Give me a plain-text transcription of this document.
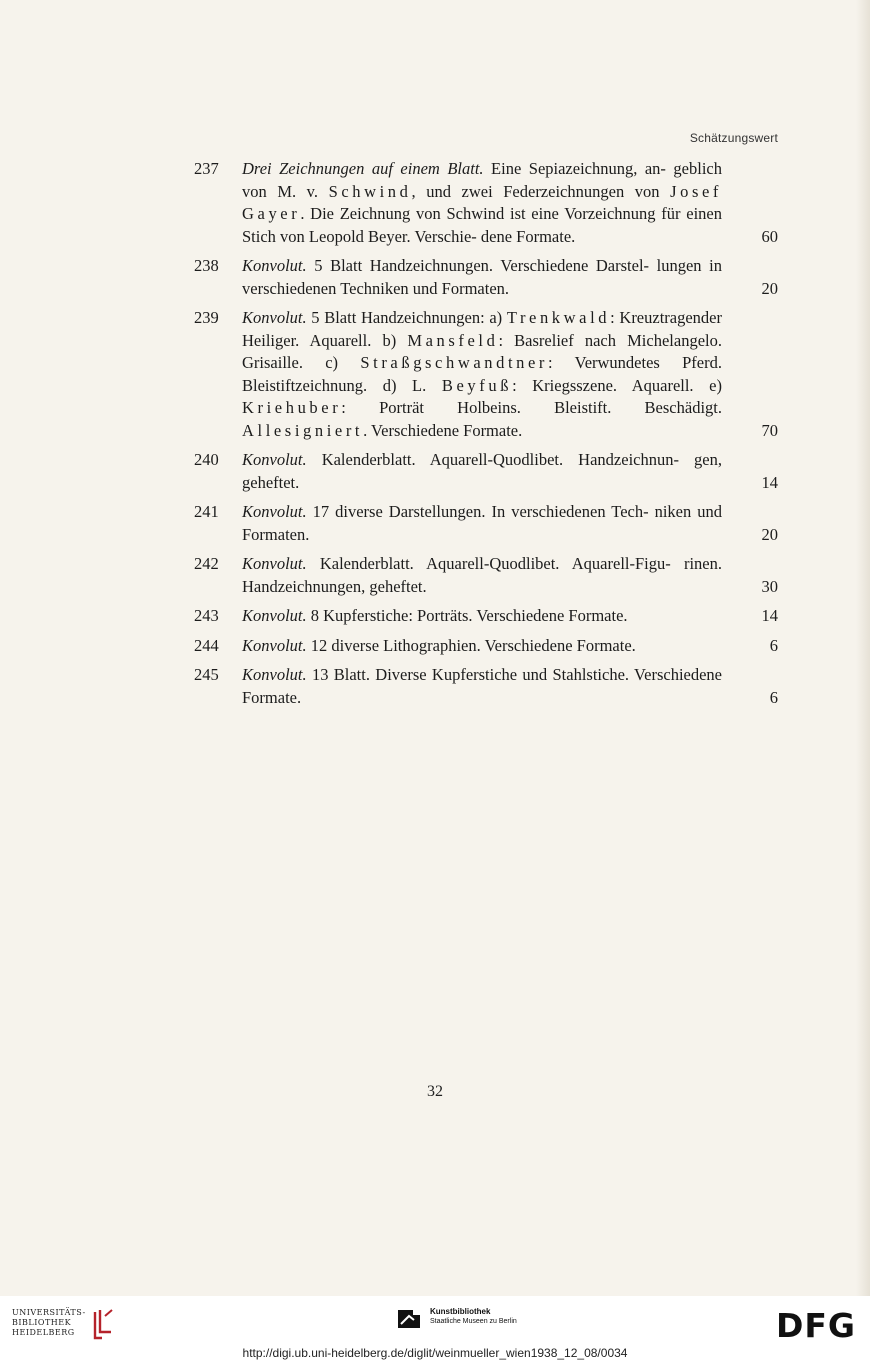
Schätzungswert
237	Drei Zeichnungen auf einem Blatt. Eine Sepiazeichnung, an- geblich von M. v. Schwind, und zwei Federzeichnungen von Josef Gayer. Die Zeichnung von Schwind ist eine Vorzeichnung für einen Stich von Leopold Beyer. Verschie- dene Formate.	60
238	Konvolut. 5 Blatt Handzeichnungen. Verschiedene Darstel- lungen in verschiedenen Techniken und Formaten.	20
239	Konvolut. 5 Blatt Handzeichnungen: a) Trenkwald: Kreuztragender Heiliger. Aquarell. b) Mansfeld: Basrelief nach Michelangelo. Grisaille. c) Straßgschwandtner: Verwundetes Pferd. Bleistiftzeichnung. d) L. Beyfuß: Kriegsszene. Aquarell. e) Kriehuber: Porträt Holbeins. Bleistift. Beschädigt. Allesigniert. Verschiedene Formate.	70
240	Konvolut. Kalenderblatt. Aquarell-Quodlibet. Handzeichnun- gen, geheftet.	14
241	Konvolut. 17 diverse Darstellungen. In verschiedenen Tech- niken und Formaten.	20
242	Konvolut. Kalenderblatt. Aquarell-Quodlibet. Aquarell-Figu- rinen. Handzeichnungen, geheftet.	30
243	Konvolut. 8 Kupferstiche: Porträts. Verschiedene Formate.	14
244	Konvolut. 12 diverse Lithographien. Verschiedene Formate.	6
245	Konvolut. 13 Blatt. Diverse Kupferstiche und Stahlstiche. Verschiedene Formate.	6
32
UNIVERSITÄTS-
BIBLIOTHEK
HEIDELBERG
Kunstbibliothek
Staatliche Museen zu Berlin	DFG
http://digi.ub.uni-heidelberg.de/diglit/weinmueller_wien1938_12_08/0034
